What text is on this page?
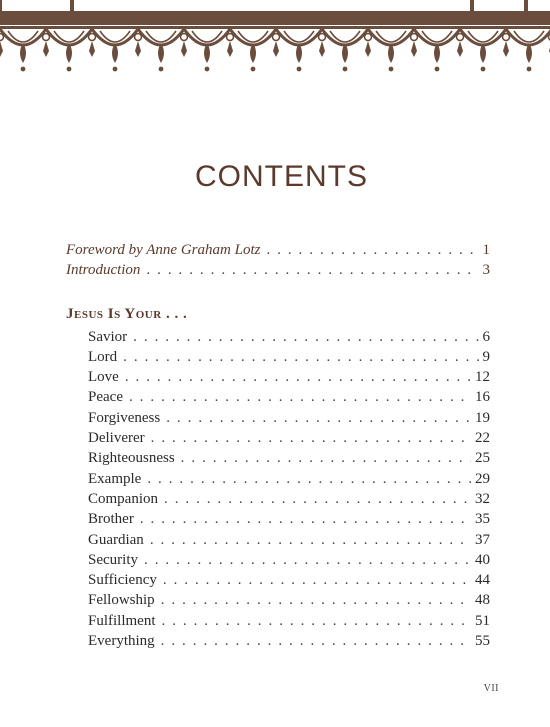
CONTENTS
Foreword by Anne Graham Lotz . . .	1
Introduction . . .	3
Jesus Is Your . . .
Savior . . .	6
Lord . . .	9
Love . . .	12
Peace . . .	16
Forgiveness . . .	19
Deliverer . . .	22
Righteousness . . .	25
Example . . .	29
Companion . . .	32
Brother . . .	35
Guardian . . .	37
Security . . .	40
Sufficiency . . .	44
Fellowship . . .	48
Fulfillment . . .	51
Everything . . .	55
VII
